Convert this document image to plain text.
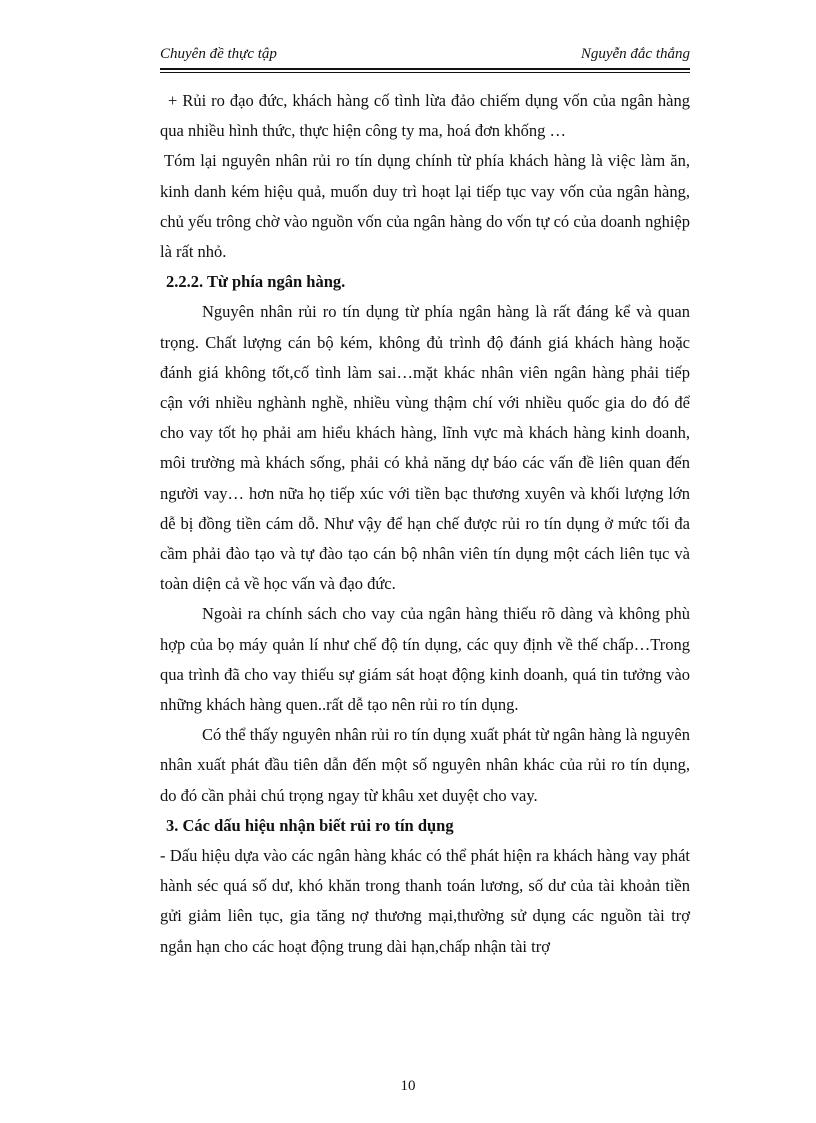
Chuyên đề thực tập	Nguyễn đắc thắng

+ Rủi ro đạo đức, khách hàng cố tình lừa đảo chiếm dụng vốn của ngân hàng qua nhiều hình thức, thực hiện công ty ma, hoá đơn khống …

Tóm lại nguyên nhân rủi ro tín dụng chính từ phía khách hàng là việc làm ăn, kinh danh kém hiệu quả, muốn duy trì hoạt lại tiếp tục vay vốn của ngân hàng, chủ yếu trông chờ vào nguồn vốn của ngân hàng do vốn tự có của doanh nghiệp là rất nhỏ.

2.2.2. Từ phía ngân hàng.

Nguyên nhân rủi ro tín dụng từ phía ngân hàng là rất đáng kể và quan trọng. Chất lượng cán bộ kém, không đủ trình độ đánh giá khách hàng hoặc đánh giá không tốt,cố tình làm sai…mặt khác nhân viên ngân hàng phải tiếp cận với nhiều nghành nghề, nhiều vùng thậm chí với nhiều quốc gia do đó để cho vay tốt họ phải am hiểu khách hàng, lĩnh vực mà khách hàng kinh doanh, môi trường mà khách sống, phải có khả năng dự báo các vấn đề liên quan đến người vay… hơn nữa họ tiếp xúc với tiền bạc thương xuyên và khối lượng lớn dễ bị đồng tiền cám dỗ. Như vậy để hạn chế được rủi ro tín dụng ở mức tối đa cầm phải đào tạo và tự đào tạo cán bộ nhân viên tín dụng một cách liên tục và toàn diện cả về học vấn và đạo đức.

Ngoài ra chính sách cho vay của ngân hàng thiếu rõ dàng và không phù hợp của bọ máy quản lí như chế độ tín dụng, các quy định về thế chấp…Trong qua trình đã cho vay thiếu sự giám sát hoạt động kinh doanh, quá tin tưởng vào những khách hàng quen..rất dễ tạo nên rủi ro tín dụng.

Có thể thấy nguyên nhân rủi ro tín dụng xuất phát từ ngân hàng là nguyên nhân xuất phát đầu tiên dẫn đến một số nguyên nhân khác của rủi ro tín dụng, do đó cần phải chú trọng ngay từ khâu xet duyệt cho vay.

3. Các dấu hiệu nhận biết rủi ro tín dụng

- Dấu hiệu dựa vào các ngân hàng khác có thể phát hiện ra khách hàng vay phát hành séc quá số dư, khó khăn trong thanh toán lương, số dư của tài khoản tiền gửi giảm liên tục, gia tăng nợ thương mại,thường sử dụng các nguồn tài trợ ngắn hạn cho các hoạt động trung dài hạn,chấp nhận tài trợ

10
